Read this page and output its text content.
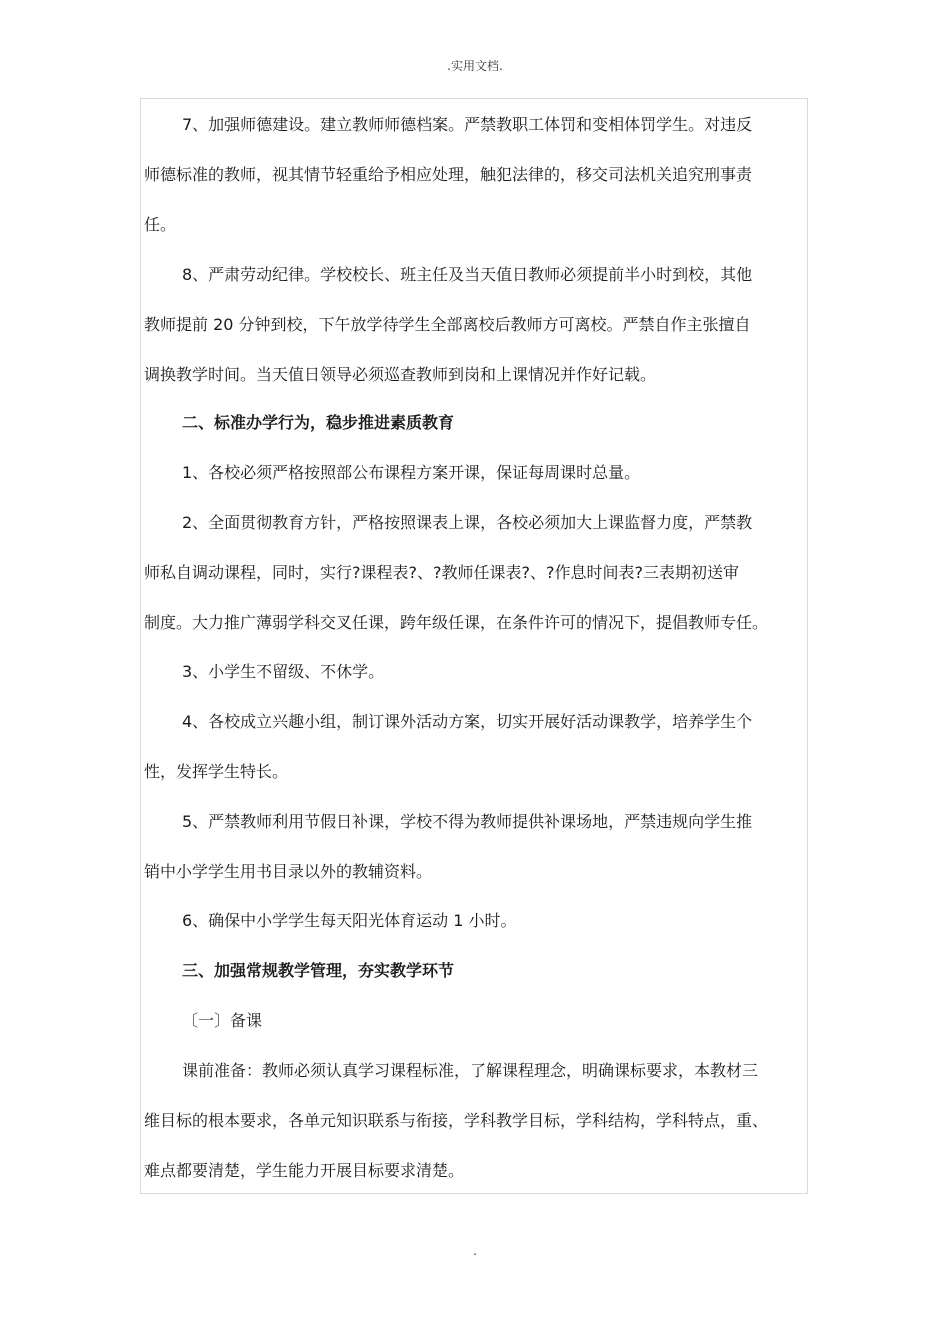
.实用文档.
7、加强师德建设。建立教师师德档案。严禁教职工体罚和变相体罚学生。对违反
师德标准的教师，视其情节轻重给予相应处理，触犯法律的，移交司法机关追究刑事责
任。
8、严肃劳动纪律。学校校长、班主任及当天值日教师必须提前半小时到校，其他
教师提前 20 分钟到校，下午放学待学生全部离校后教师方可离校。严禁自作主张擅自
调换教学时间。当天值日领导必须巡查教师到岗和上课情况并作好记载。
二、标准办学行为，稳步推进素质教育
1、各校必须严格按照部公布课程方案开课，保证每周课时总量。
2、全面贯彻教育方针，严格按照课表上课，各校必须加大上课监督力度，严禁教
师私自调动课程，同时，实行?课程表?、?教师任课表?、?作息时间表?三表期初送审
制度。大力推广薄弱学科交叉任课，跨年级任课，在条件许可的情况下，提倡教师专任。
3、小学生不留级、不休学。
4、各校成立兴趣小组，制订课外活动方案，切实开展好活动课教学，培养学生个
性，发挥学生特长。
5、严禁教师利用节假日补课，学校不得为教师提供补课场地，严禁违规向学生推
销中小学学生用书目录以外的教辅资料。
6、确保中小学学生每天阳光体育运动 1 小时。
三、加强常规教学管理，夯实教学环节
〔一〕备课
课前准备：教师必须认真学习课程标准，了解课程理念，明确课标要求，本教材三
维目标的根本要求，各单元知识联系与衔接，学科教学目标，学科结构，学科特点，重、
难点都要清楚，学生能力开展目标要求清楚。
.
